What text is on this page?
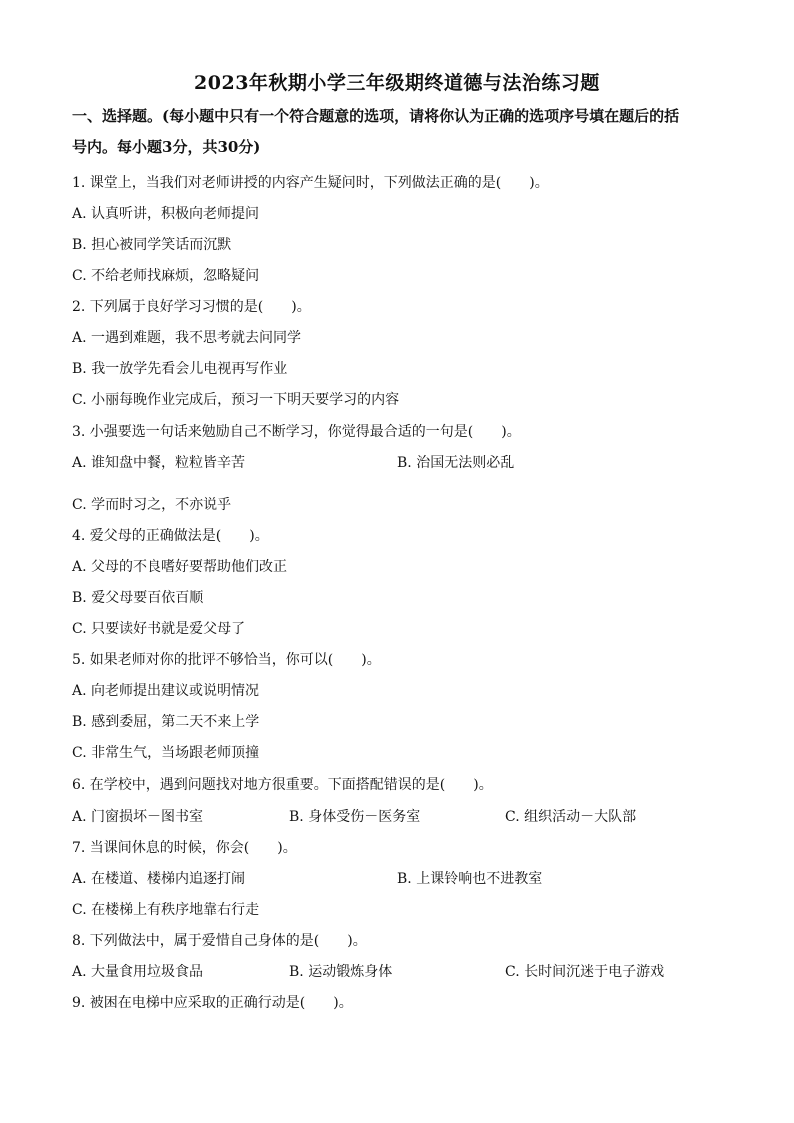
2023年秋期小学三年级期终道德与法治练习题
一、选择题。(每小题中只有一个符合题意的选项，请将你认为正确的选项序号填在题后的括
号内。每小题3分，共30分)
1. 课堂上，当我们对老师讲授的内容产生疑问时，下列做法正确的是(　　)。
A. 认真听讲，积极向老师提问
B. 担心被同学笑话而沉默
C. 不给老师找麻烦，忽略疑问
2. 下列属于良好学习习惯的是(　　)。
A. 一遇到难题，我不思考就去问同学
B. 我一放学先看会儿电视再写作业
C. 小丽每晚作业完成后，预习一下明天要学习的内容
3. 小强要选一句话来勉励自己不断学习，你觉得最合适的一句是(　　)。
A. 谁知盘中餐，粒粒皆辛苦	B. 治国无法则必乱
C. 学而时习之，不亦说乎
4. 爱父母的正确做法是(　　)。
A. 父母的不良嗜好要帮助他们改正
B. 爱父母要百依百顺
C. 只要读好书就是爱父母了
5. 如果老师对你的批评不够恰当，你可以(　　)。
A. 向老师提出建议或说明情况
B. 感到委屈，第二天不来上学
C. 非常生气，当场跟老师顶撞
6. 在学校中，遇到问题找对地方很重要。下面搭配错误的是(　　)。
A. 门窗损坏－图书室	B. 身体受伤－医务室	C. 组织活动－大队部
7. 当课间休息的时候，你会(　　)。
A. 在楼道、楼梯内追逐打闹	B. 上课铃响也不进教室
C. 在楼梯上有秩序地靠右行走
8. 下列做法中，属于爱惜自己身体的是(　　)。
A. 大量食用垃圾食品	B. 运动锻炼身体	C. 长时间沉迷于电子游戏
9. 被困在电梯中应采取的正确行动是(　　)。
